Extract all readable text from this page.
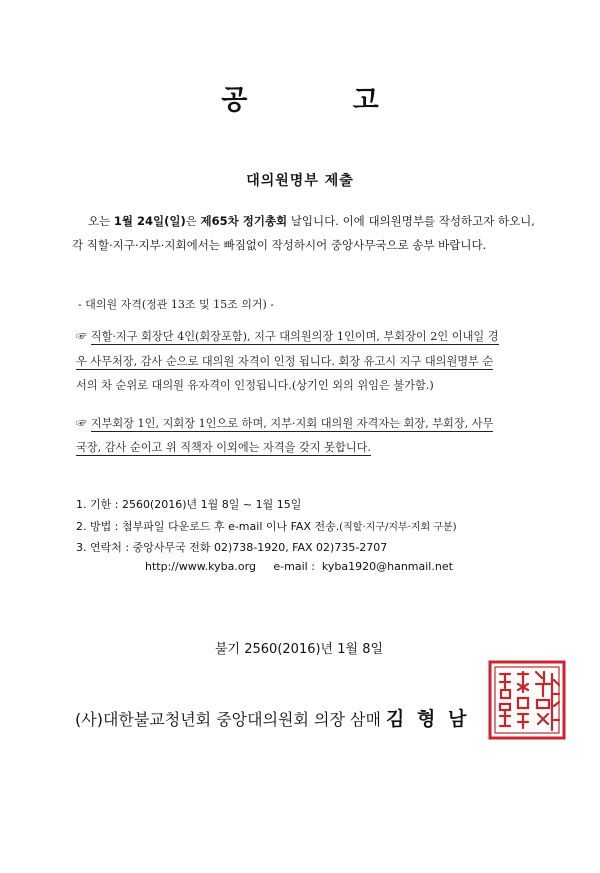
공 고
대의원명부 제출
오는 1월 24일(일)은 제65차 정기총회 날입니다. 이에 대의원명부를 작성하고자 하오니,
각 직할·지구·지부·지회에서는 빠짐없이 작성하시어 중앙사무국으로 송부 바랍니다.
- 대의원 자격(정관 13조 및 15조 의거) -
☞ 직할·지구 회장단 4인(회장포함), 지구 대의원의장 1인이며, 부회장이 2인 이내일 경
우 사무처장, 감사 순으로 대의원 자격이 인정 됩니다. 회장 유고시 지구 대의원명부 순
서의 차 순위로 대의원 유자격이 인정됩니다.(상기인 외의 위임은 불가함.)
☞ 지부회장 1인, 지회장 1인으로 하며, 지부·지회 대의원 자격자는 회장, 부회장, 사무
국장, 감사 순이고 위 직책자 이외에는 자격을 갖지 못합니다.
1. 기한 : 2560(2016)년 1월 8일 ~ 1월 15일
2. 방법 : 첨부파일 다운로드 후 e-mail 이나 FAX 전송.(직할·지구/지부·지회 구분)
3. 연락처 : 중앙사무국 전화 02)738-1920, FAX 02)735-2707
http://www.kyba.org     e-mail :  kyba1920@hanmail.net
불기 2560(2016)년 1월 8일
(사)대한불교청년회 중앙대의원회 의장 삼매 김 형 남
